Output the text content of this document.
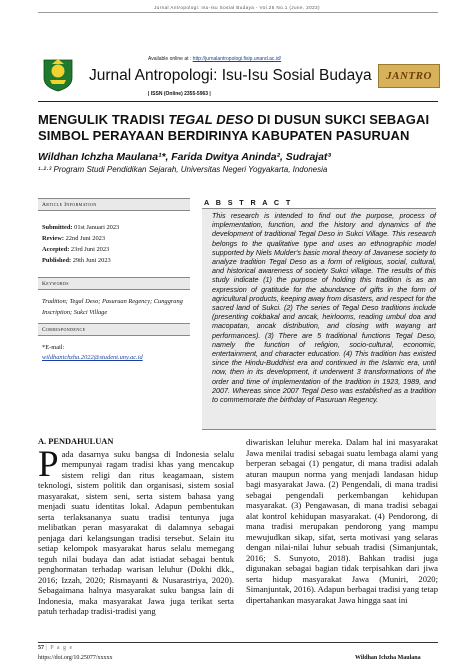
Jurnal Antropologi: Isu-Isu Sosial Budaya - Vol.25 No.1 (June, 2023)
Available online at : http://jurnalantropologi.fisip.unand.ac.id/
Jurnal Antropologi: Isu-Isu Sosial Budaya
| ISSN (Online) 2355-5963 |
JANTRO
MENGULIK TRADISI TEGAL DESO DI DUSUN SUKCI SEBAGAI SIMBOL PERAYAAN BERDIRINYA KABUPATEN PASURUAN
Wildhan Ichzha Maulana¹*, Farida Dwitya Aninda², Sudrajat³
¹·²·³ Program Studi Pendidikan Sejarah, Universitas Negeri Yogyakarta, Indonesia
Article Information
Submitted: 01st Januari 2023
Review: 22nd Juni 2023
Accepted: 23rd Juni 2023
Published: 29th Juni 2023
Keywords
Tradition; Tegal Deso; Pasuruan Regency; Cunggrang Inscription; Sukci Village
Correspondence
*E-mail:
wildhanichzha.2022@student.uny.ac.id
A B S T R A C T
This research is intended to find out the purpose, process of implementation, function, and the history and dynamics of the development of traditional Tegal Deso in Sukci Village. This research belongs to the qualitative type and uses an ethnographic model supported by Niels Mulder's basic moral theory of Javanese society to analyze tradition Tegal Deso as a form of religious, social, cultural, and historical awareness of society Sukci village. The results of this study indicate (1) the purpose of holding this tradition is as an expression of gratitude for the abundance of gifts in the form of agricultural products, keeping away from disasters, and respect for the sacred land of Sukci. (2) The series of Tegal Deso traditions include (presenting cokbakal and ancak, heirlooms, reading umbul doa and macopatan, ancak distribution, and closing with wayang art performances). (3) There are 5 traditional functions Tegal Deso, namely the function of religion, socio-cultural, economic, entertainment, and character education. (4) This tradition has existed since the Hindu-Buddhist era and continued in the Islamic era, until now, then in its development, it underwent 3 transformations of the order and time of implementation of the tradition in 1923, 1989, and 2007. Whereas since 2007 Tegal Deso was established as a tradition to commemorate the birthday of Pasuruan Regency.
A. PENDAHULUAN
P ada dasarnya suku bangsa di Indonesia selalu mempunyai ragam tradisi khas yang mencakup sistem religi dan ritus keagamaan, sistem teknologi, sistem politik dan organisasi, sistem sosial masyarakat, sistem seni, serta sistem bahasa yang menjadi suatu identitas lokal. Adapun pembentukan serta terlaksananya suatu tradisi tentunya juga melibatkan peran masyarakat di dalamnya sebagai penjaga dari kelangsungan tradisi tersebut. Selain itu setiap kelompok masyarakat harus selalu memegang teguh nilai budaya dan adat istiadat sebagai bentuk penghormatan terhadap warisan leluhur (Dokhi dkk., 2016; Izzah, 2020; Rismayanti & Nusarastriya, 2020). Sebagaimana halnya masyarakat suku bangsa lain di Indonesia, maka masyarakat Jawa juga terikat serta patuh terhadap tradisi-tradisi yang
diwariskan leluhur mereka. Dalam hal ini masyarakat Jawa menilai tradisi sebagai suatu lembaga alami yang berperan sebagai (1) pengatur, di mana tradisi adalah aturan maupun norma yang menjadi landasan hidup bagi masyarakat Jawa. (2) Pengendali, di mana tradisi sebagai pengendali perkembangan kehidupan masyarakat. (3) Pengawasan, di mana tradisi sebagai alat kontrol kehidupan masyarakat. (4) Pendorong, di mana tradisi merupakan pendorong yang mampu mewujudkan sikap, sifat, serta motivasi yang selaras dengan nilai-nilai luhur sebuah tradisi (Simanjuntak, 2016; S. Sunyoto, 2018). Bahkan tradisi juga digunakan sebagai bagian tidak terpisahkan dari jiwa serta hidup masyarakat Jawa (Muniri, 2020; Simanjuntak, 2016). Adapun berbagai tradisi yang tetap dipertahankan masyarakat Jawa hingga saat ini
57 | P a g e
https://doi.org/10.25077/xxxxx	Wildhan Ichzha Maulana
